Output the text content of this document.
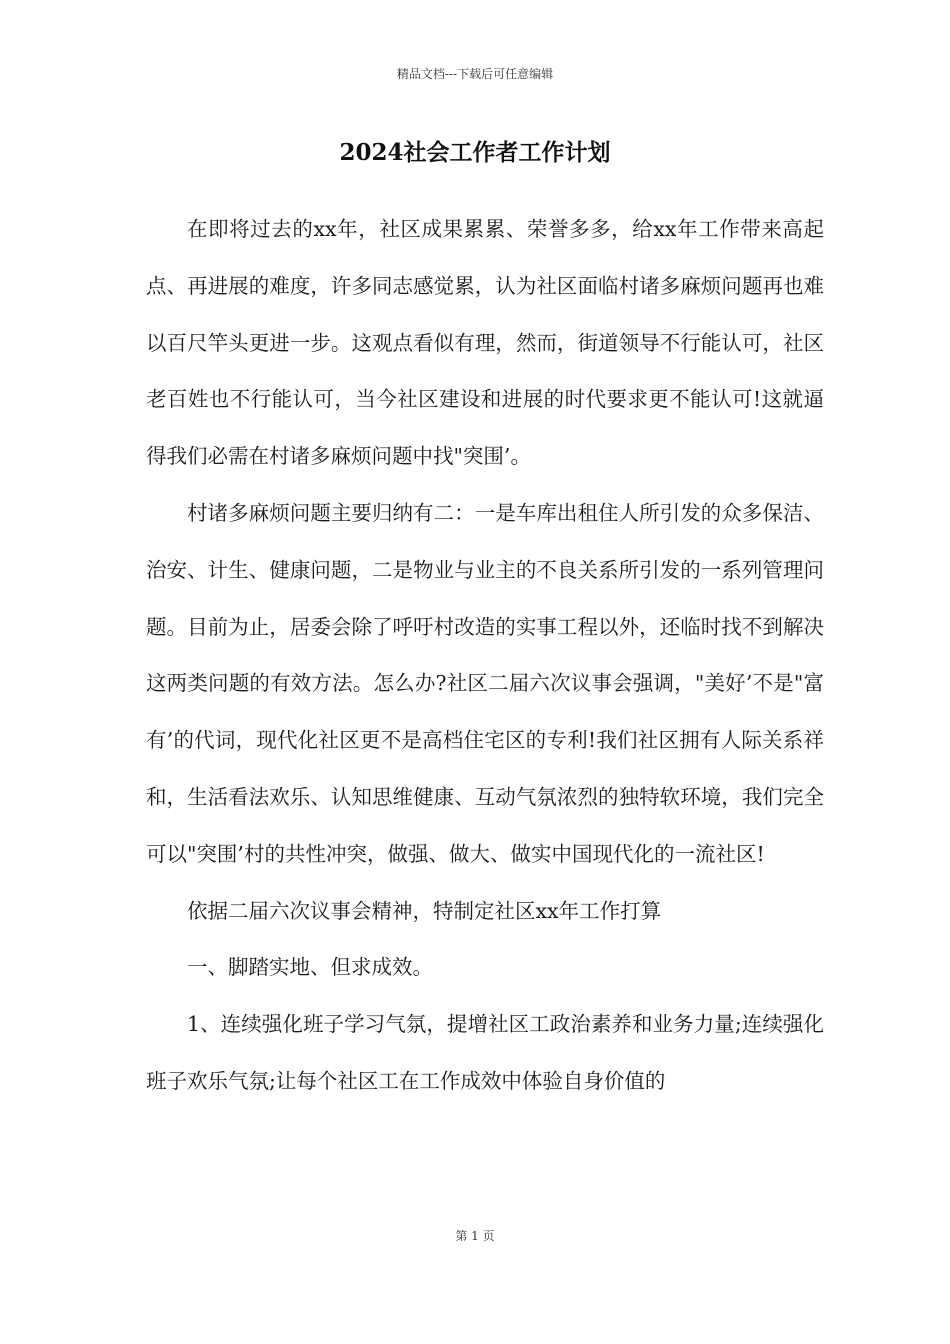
精品文档---下载后可任意编辑
2024社会工作者工作计划

在即将过去的xx年，社区成果累累、荣誉多多，给xx年工作带来高起点、再进展的难度，许多同志感觉累，认为社区面临村诸多麻烦问题再也难以百尺竿头更进一步。这观点看似有理，然而，街道领导不行能认可，社区老百姓也不行能认可，当今社区建设和进展的时代要求更不能认可!这就逼得我们必需在村诸多麻烦问题中找"突围’。

村诸多麻烦问题主要归纳有二：一是车库出租住人所引发的众多保洁、治安、计生、健康问题，二是物业与业主的不良关系所引发的一系列管理问题。目前为止，居委会除了呼吁村改造的实事工程以外，还临时找不到解决这两类问题的有效方法。怎么办?社区二届六次议事会强调，"美好’不是"富有’的代词，现代化社区更不是高档住宅区的专利!我们社区拥有人际关系祥和，生活看法欢乐、认知思维健康、互动气氛浓烈的独特软环境，我们完全可以"突围’村的共性冲突，做强、做大、做实中国现代化的一流社区!

依据二届六次议事会精神，特制定社区xx年工作打算

一、脚踏实地、但求成效。

1、连续强化班子学习气氛，提增社区工政治素养和业务力量;连续强化班子欢乐气氛;让每个社区工在工作成效中体验自身价值的

第 1 页
